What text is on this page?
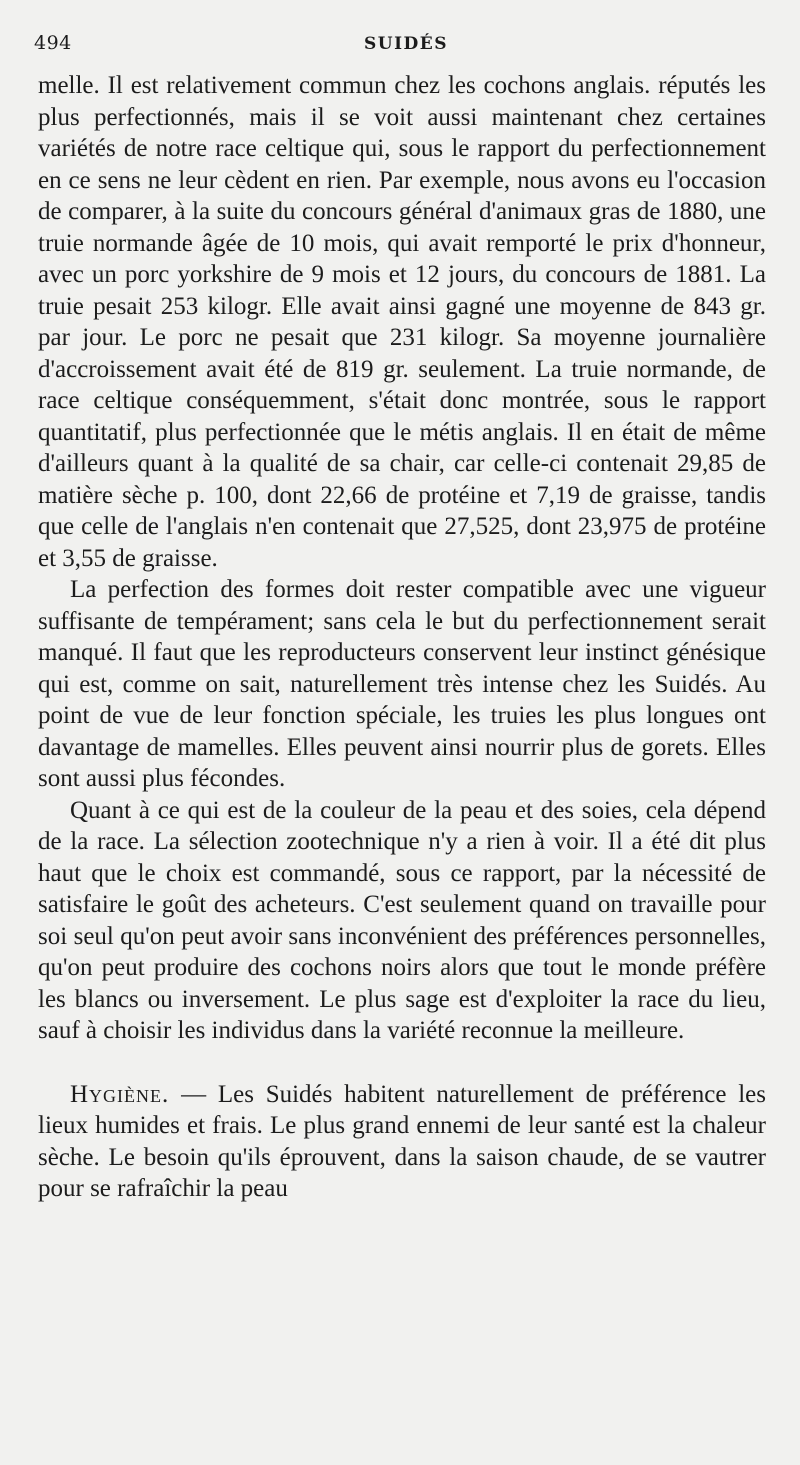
494	SUIDÉS

melle. Il est relativement commun chez les cochons anglais. réputés les plus perfectionnés, mais il se voit aussi maintenant chez certaines variétés de notre race celtique qui, sous le rapport du perfectionnement en ce sens ne leur cèdent en rien. Par exemple, nous avons eu l'occasion de comparer, à la suite du concours général d'animaux gras de 1880, une truie normande âgée de 10 mois, qui avait remporté le prix d'honneur, avec un porc yorkshire de 9 mois et 12 jours, du concours de 1881. La truie pesait 253 kilogr. Elle avait ainsi gagné une moyenne de 843 gr. par jour. Le porc ne pesait que 231 kilogr. Sa moyenne journalière d'accroissement avait été de 819 gr. seulement. La truie normande, de race celtique conséquemment, s'était donc montrée, sous le rapport quantitatif, plus perfectionnée que le métis anglais. Il en était de même d'ailleurs quant à la qualité de sa chair, car celle-ci contenait 29,85 de matière sèche p. 100, dont 22,66 de protéine et 7,19 de graisse, tandis que celle de l'anglais n'en contenait que 27,525, dont 23,975 de protéine et 3,55 de graisse.

La perfection des formes doit rester compatible avec une vigueur suffisante de tempérament; sans cela le but du perfectionnement serait manqué. Il faut que les reproducteurs conservent leur instinct génésique qui est, comme on sait, naturellement très intense chez les Suidés. Au point de vue de leur fonction spéciale, les truies les plus longues ont davantage de mamelles. Elles peuvent ainsi nourrir plus de gorets. Elles sont aussi plus fécondes.

Quant à ce qui est de la couleur de la peau et des soies, cela dépend de la race. La sélection zootechnique n'y a rien à voir. Il a été dit plus haut que le choix est commandé, sous ce rapport, par la nécessité de satisfaire le goût des acheteurs. C'est seulement quand on travaille pour soi seul qu'on peut avoir sans inconvénient des préférences personnelles, qu'on peut produire des cochons noirs alors que tout le monde préfère les blancs ou inversement. Le plus sage est d'exploiter la race du lieu, sauf à choisir les individus dans la variété reconnue la meilleure.

Hygiène. — Les Suidés habitent naturellement de préférence les lieux humides et frais. Le plus grand ennemi de leur santé est la chaleur sèche. Le besoin qu'ils éprouvent, dans la saison chaude, de se vautrer pour se rafraîchir la peau
